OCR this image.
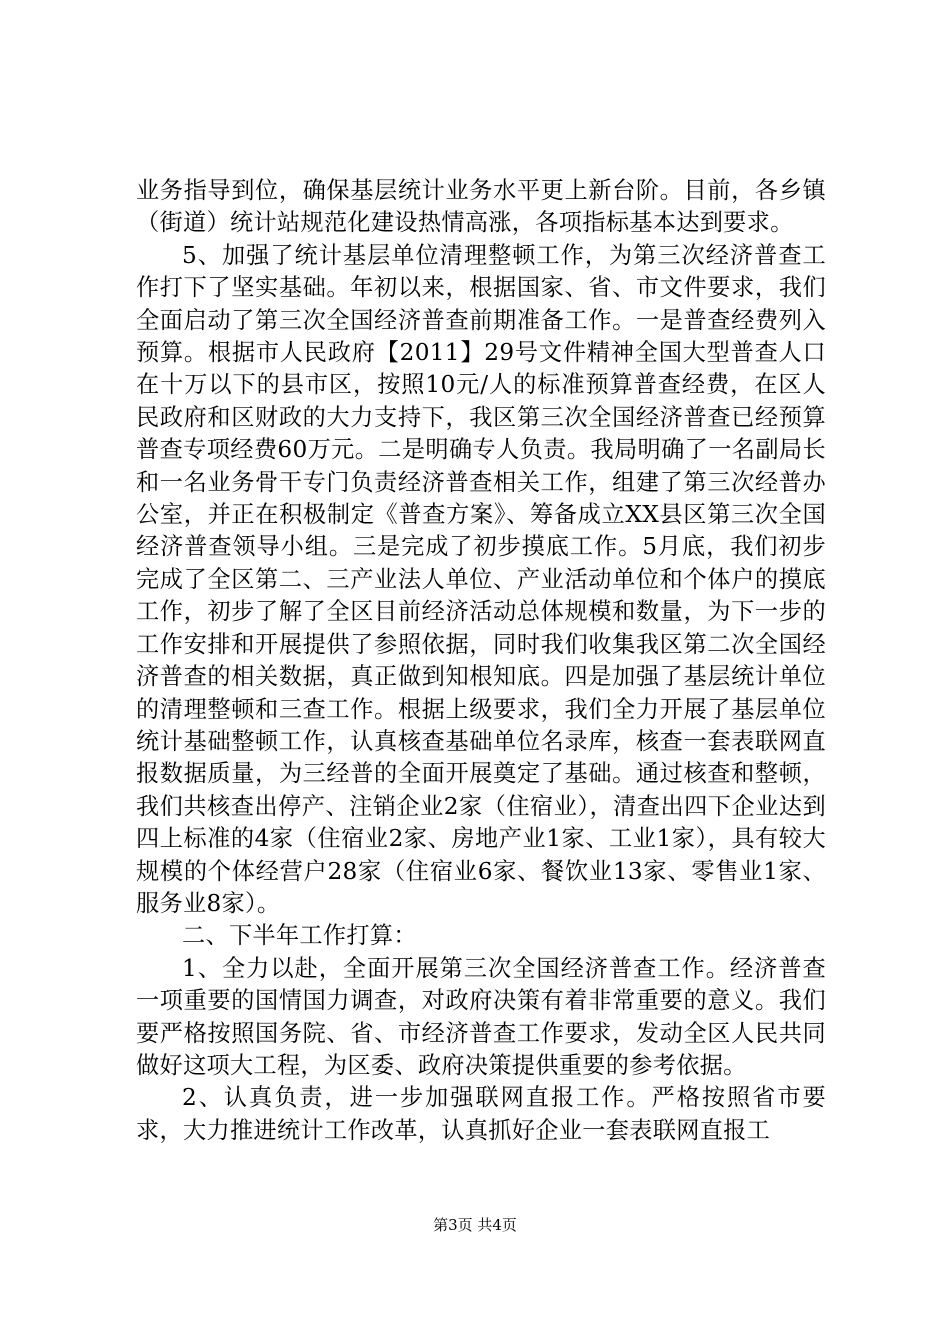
业务指导到位，确保基层统计业务水平更上新台阶。目前，各乡镇（街道）统计站规范化建设热情高涨，各项指标基本达到要求。

5、加强了统计基层单位清理整顿工作，为第三次经济普查工作打下了坚实基础。年初以来，根据国家、省、市文件要求，我们全面启动了第三次全国经济普查前期准备工作。一是普查经费列入预算。根据市人民政府【2011】29号文件精神全国大型普查人口在十万以下的县市区，按照10元/人的标准预算普查经费，在区人民政府和区财政的大力支持下，我区第三次全国经济普查已经预算普查专项经费60万元。二是明确专人负责。我局明确了一名副局长和一名业务骨干专门负责经济普查相关工作，组建了第三次经普办公室，并正在积极制定《普查方案》、筹备成立XX县区第三次全国经济普查领导小组。三是完成了初步摸底工作。5月底，我们初步完成了全区第二、三产业法人单位、产业活动单位和个体户的摸底工作，初步了解了全区目前经济活动总体规模和数量，为下一步的工作安排和开展提供了参照依据，同时我们收集我区第二次全国经济普查的相关数据，真正做到知根知底。四是加强了基层统计单位的清理整顿和三查工作。根据上级要求，我们全力开展了基层单位统计基础整顿工作，认真核查基础单位名录库，核查一套表联网直报数据质量，为三经普的全面开展奠定了基础。通过核查和整顿，我们共核查出停产、注销企业2家（住宿业），清查出四下企业达到四上标准的4家（住宿业2家、房地产业1家、工业1家），具有较大规模的个体经营户28家（住宿业6家、餐饮业13家、零售业1家、服务业8家）。

二、下半年工作打算：

1、全力以赴，全面开展第三次全国经济普查工作。经济普查一项重要的国情国力调查，对政府决策有着非常重要的意义。我们要严格按照国务院、省、市经济普查工作要求，发动全区人民共同做好这项大工程，为区委、政府决策提供重要的参考依据。

2、认真负责，进一步加强联网直报工作。严格按照省市要求，大力推进统计工作改革，认真抓好企业一套表联网直报工

第3页 共4页
